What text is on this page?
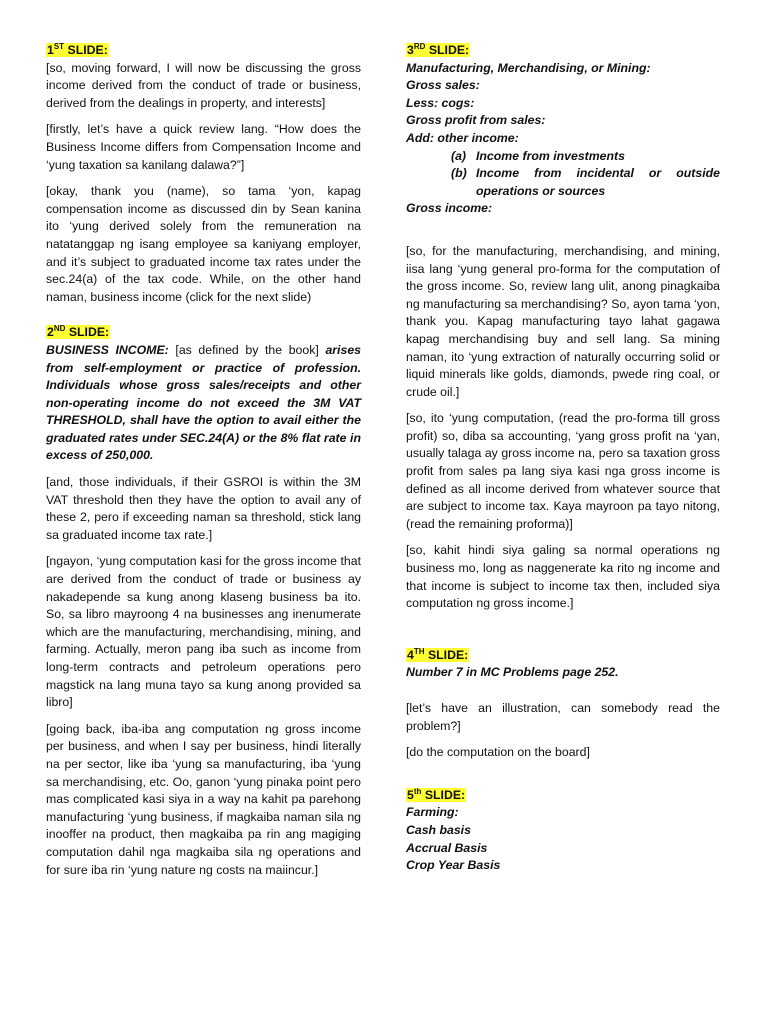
1ST SLIDE:

[so, moving forward, I will now be discussing the gross income derived from the conduct of trade or business, derived from the dealings in property, and interests]

[firstly, let’s have a quick review lang. “How does the Business Income differs from Compensation Income and ‘yung taxation sa kanilang dalawa?”]

[okay, thank you (name), so tama ‘yon, kapag compensation income as discussed din by Sean kanina ito ‘yung derived solely from the remuneration na natatanggap ng isang employee sa kaniyang employer, and it’s subject to graduated income tax rates under the sec.24(a) of the tax code. While, on the other hand naman, business income (click for the next slide)

2ND SLIDE:

BUSINESS INCOME: [as defined by the book] arises from self-employment or practice of profession. Individuals whose gross sales/receipts and other non-operating income do not exceed the 3M VAT THRESHOLD, shall have the option to avail either the graduated rates under SEC.24(A) or the 8% flat rate in excess of 250,000.

[and, those individuals, if their GSROI is within the 3M VAT threshold then they have the option to avail any of these 2, pero if exceeding naman sa threshold, stick lang sa graduated income tax rate.]

[ngayon, ‘yung computation kasi for the gross income that are derived from the conduct of trade or business ay nakadepende sa kung anong klaseng business ba ito. So, sa libro mayroong 4 na businesses ang inenumerate which are the manufacturing, merchandising, mining, and farming. Actually, meron pang iba such as income from long-term contracts and petroleum operations pero magstick na lang muna tayo sa kung anong provided sa libro]

[going back, iba-iba ang computation ng gross income per business, and when I say per business, hindi literally na per sector, like iba ‘yung sa manufacturing, iba ‘yung sa merchandising, etc. Oo, ganon ‘yung pinaka point pero mas complicated kasi siya in a way na kahit pa parehong manufacturing ‘yung business, if magkaiba naman sila ng inooffer na product, then magkaiba pa rin ang magiging computation dahil nga magkaiba sila ng operations and for sure iba rin ‘yung nature ng costs na maiincur.]

3RD SLIDE:

Manufacturing, Merchandising, or Mining:

Gross sales:

Less: cogs:

Gross profit from sales:

Add: other income:

(a) Income from investments
(b) Income from incidental or outside operations or sources

Gross income:

[so, for the manufacturing, merchandising, and mining, iisa lang ‘yung general pro-forma for the computation of the gross income. So, review lang ulit, anong pinagkaiba ng manufacturing sa merchandising? So, ayon tama ‘yon, thank you. Kapag manufacturing tayo lahat gagawa kapag merchandising buy and sell lang. Sa mining naman, ito ‘yung extraction of naturally occurring solid or liquid minerals like golds, diamonds, pwede ring coal, or crude oil.]

[so, ito ‘yung computation, (read the pro-forma till gross profit) so, diba sa accounting, ‘yang gross profit na ‘yan, usually talaga ay gross income na, pero sa taxation gross profit from sales pa lang siya kasi nga gross income is defined as all income derived from whatever source that are subject to income tax. Kaya mayroon pa tayo nitong, (read the remaining proforma)]

[so, kahit hindi siya galing sa normal operations ng business mo, long as naggenerate ka rito ng income and that income is subject to income tax then, included siya computation ng gross income.]

4TH SLIDE:

Number 7 in MC Problems page 252.

[let’s have an illustration, can somebody read the problem?]

[do the computation on the board]

5th SLIDE:

Farming:

Cash basis

Accrual Basis

Crop Year Basis
